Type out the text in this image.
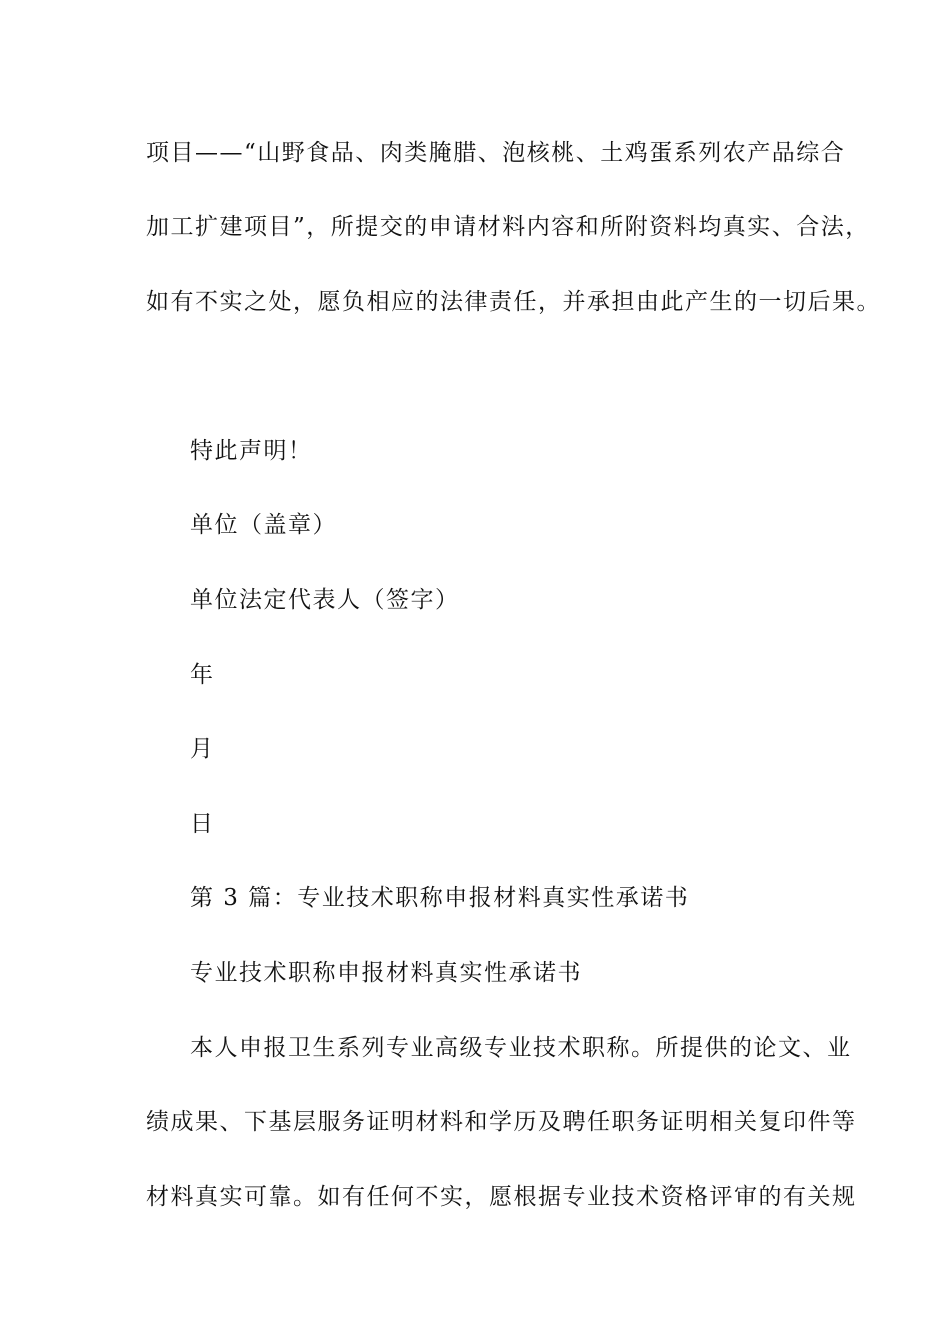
项目——“山野食品、肉类腌腊、泡核桃、土鸡蛋系列农产品综合
加工扩建项目”，所提交的申请材料内容和所附资料均真实、合法，
如有不实之处，愿负相应的法律责任，并承担由此产生的一切后果。
特此声明！
单位（盖章）
单位法定代表人（签字）
年
月
日
第 3 篇：专业技术职称申报材料真实性承诺书
专业技术职称申报材料真实性承诺书
本人申报卫生系列专业高级专业技术职称。所提供的论文、业
绩成果、下基层服务证明材料和学历及聘任职务证明相关复印件等
材料真实可靠。如有任何不实，愿根据专业技术资格评审的有关规
